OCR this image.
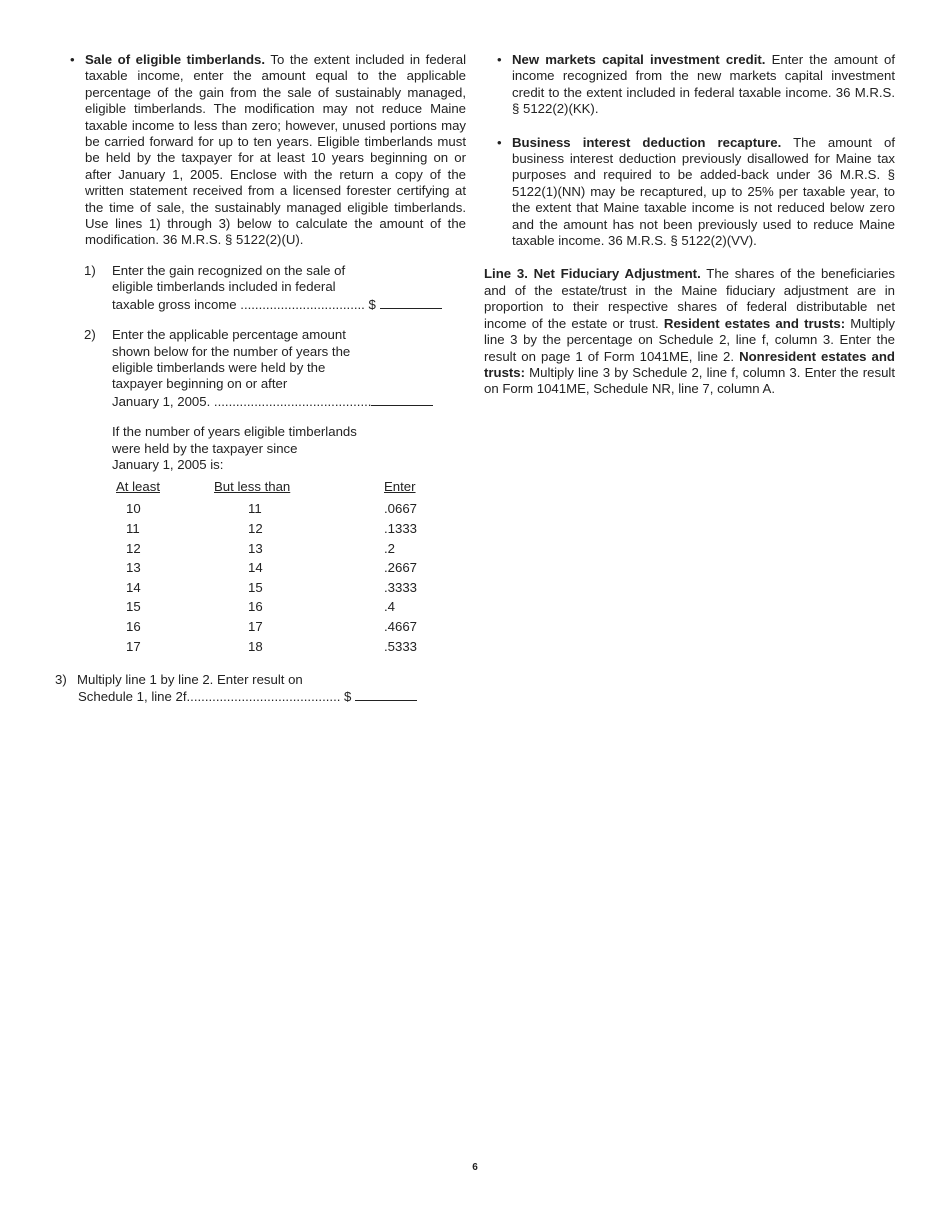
• Sale of eligible timberlands. To the extent included in federal taxable income, enter the amount equal to the applicable percentage of the gain from the sale of sustainably managed, eligible timberlands. The modification may not reduce Maine taxable income to less than zero; however, unused portions may be carried forward for up to ten years. Eligible timberlands must be held by the taxpayer for at least 10 years beginning on or after January 1, 2005. Enclose with the return a copy of the written statement received from a licensed forester certifying at the time of sale, the sustainably managed eligible timberlands. Use lines 1) through 3) below to calculate the amount of the modification. 36 M.R.S. § 5122(2)(U).
1) Enter the gain recognized on the sale of
eligible timberlands included in federal
taxable gross income .................................. $
2) Enter the applicable percentage amount
shown below for the number of years the
eligible timberlands were held by the
taxpayer beginning on or after
January 1, 2005. ...........................................
If the number of years eligible timberlands
were held by the taxpayer since
January 1, 2005 is:
At least	But less than	Enter
10	11	.0667
11	12	.1333
12	13	.2
13	14	.2667
14	15	.3333
15	16	.4
16	17	.4667
17	18	.5333
3) Multiply line 1 by line 2. Enter result on
Schedule 1, line 2f.......................................... $
• New markets capital investment credit. Enter the amount of income recognized from the new markets capital investment credit to the extent included in federal taxable income. 36 M.R.S. § 5122(2)(KK).
• Business interest deduction recapture. The amount of business interest deduction previously disallowed for Maine tax purposes and required to be added-back under 36 M.R.S. § 5122(1)(NN) may be recaptured, up to 25% per taxable year, to the extent that Maine taxable income is not reduced below zero and the amount has not been previously used to reduce Maine taxable income. 36 M.R.S. § 5122(2)(VV).
Line 3. Net Fiduciary Adjustment. The shares of the beneficiaries and of the estate/trust in the Maine fiduciary adjustment are in proportion to their respective shares of federal distributable net income of the estate or trust. Resident estates and trusts: Multiply line 3 by the percentage on Schedule 2, line f, column 3. Enter the result on page 1 of Form 1041ME, line 2. Nonresident estates and trusts: Multiply line 3 by Schedule 2, line f, column 3. Enter the result on Form 1041ME, Schedule NR, line 7, column A.
6
